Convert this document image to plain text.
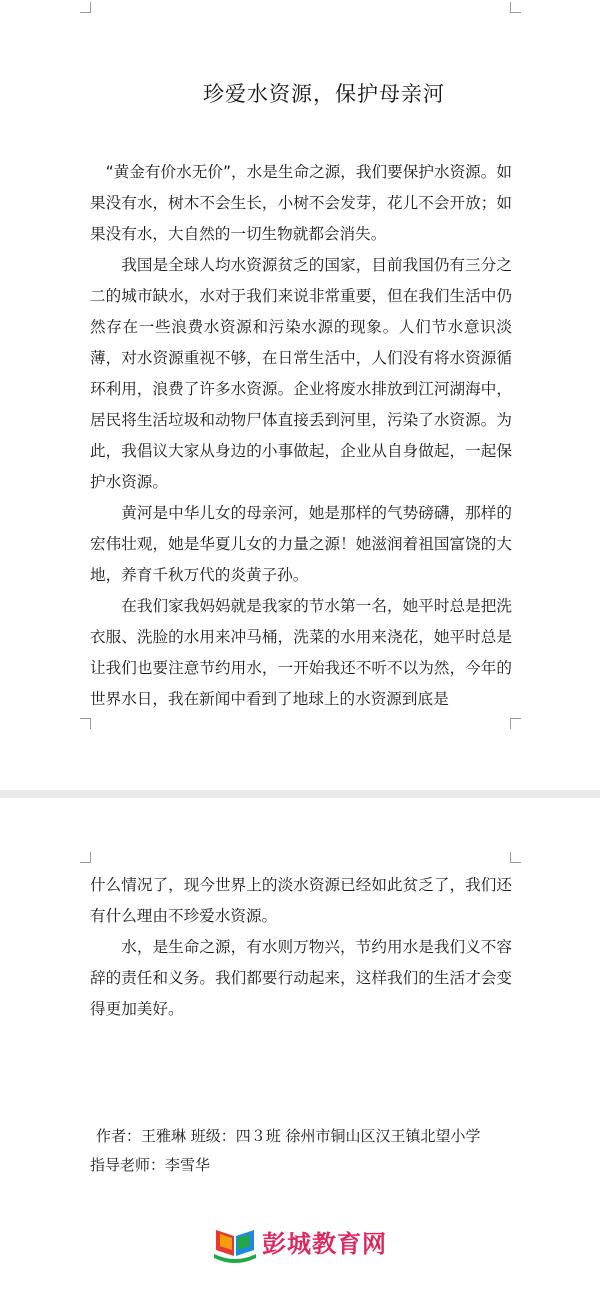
珍爱水资源，保护母亲河

“黄金有价水无价”，水是生命之源，我们要保护水资源。如果没有水，树木不会生长，小树不会发芽，花儿不会开放；如果没有水，大自然的一切生物就都会消失。

我国是全球人均水资源贫乏的国家，目前我国仍有三分之二的城市缺水，水对于我们来说非常重要，但在我们生活中仍然存在一些浪费水资源和污染水源的现象。人们节水意识淡薄，对水资源重视不够，在日常生活中，人们没有将水资源循环利用，浪费了许多水资源。企业将废水排放到江河湖海中，居民将生活垃圾和动物尸体直接丢到河里，污染了水资源。为此，我倡议大家从身边的小事做起，企业从自身做起，一起保护水资源。

黄河是中华儿女的母亲河，她是那样的气势磅礴，那样的宏伟壮观，她是华夏儿女的力量之源！她滋润着祖国富饶的大地，养育千秋万代的炎黄子孙。

在我们家我妈妈就是我家的节水第一名，她平时总是把洗衣服、洗脸的水用来冲马桶，洗菜的水用来浇花，她平时总是让我们也要注意节约用水，一开始我还不听不以为然，今年的世界水日，我在新闻中看到了地球上的水资源到底是

什么情况了，现今世界上的淡水资源已经如此贫乏了，我们还有什么理由不珍爱水资源。

水，是生命之源，有水则万物兴，节约用水是我们义不容辞的责任和义务。我们都要行动起来，这样我们的生活才会变得更加美好。

作者：王雅琳 班级：四３班 徐州市铜山区汉王镇北望小学
指导老师：李雪华
彭城教育网
